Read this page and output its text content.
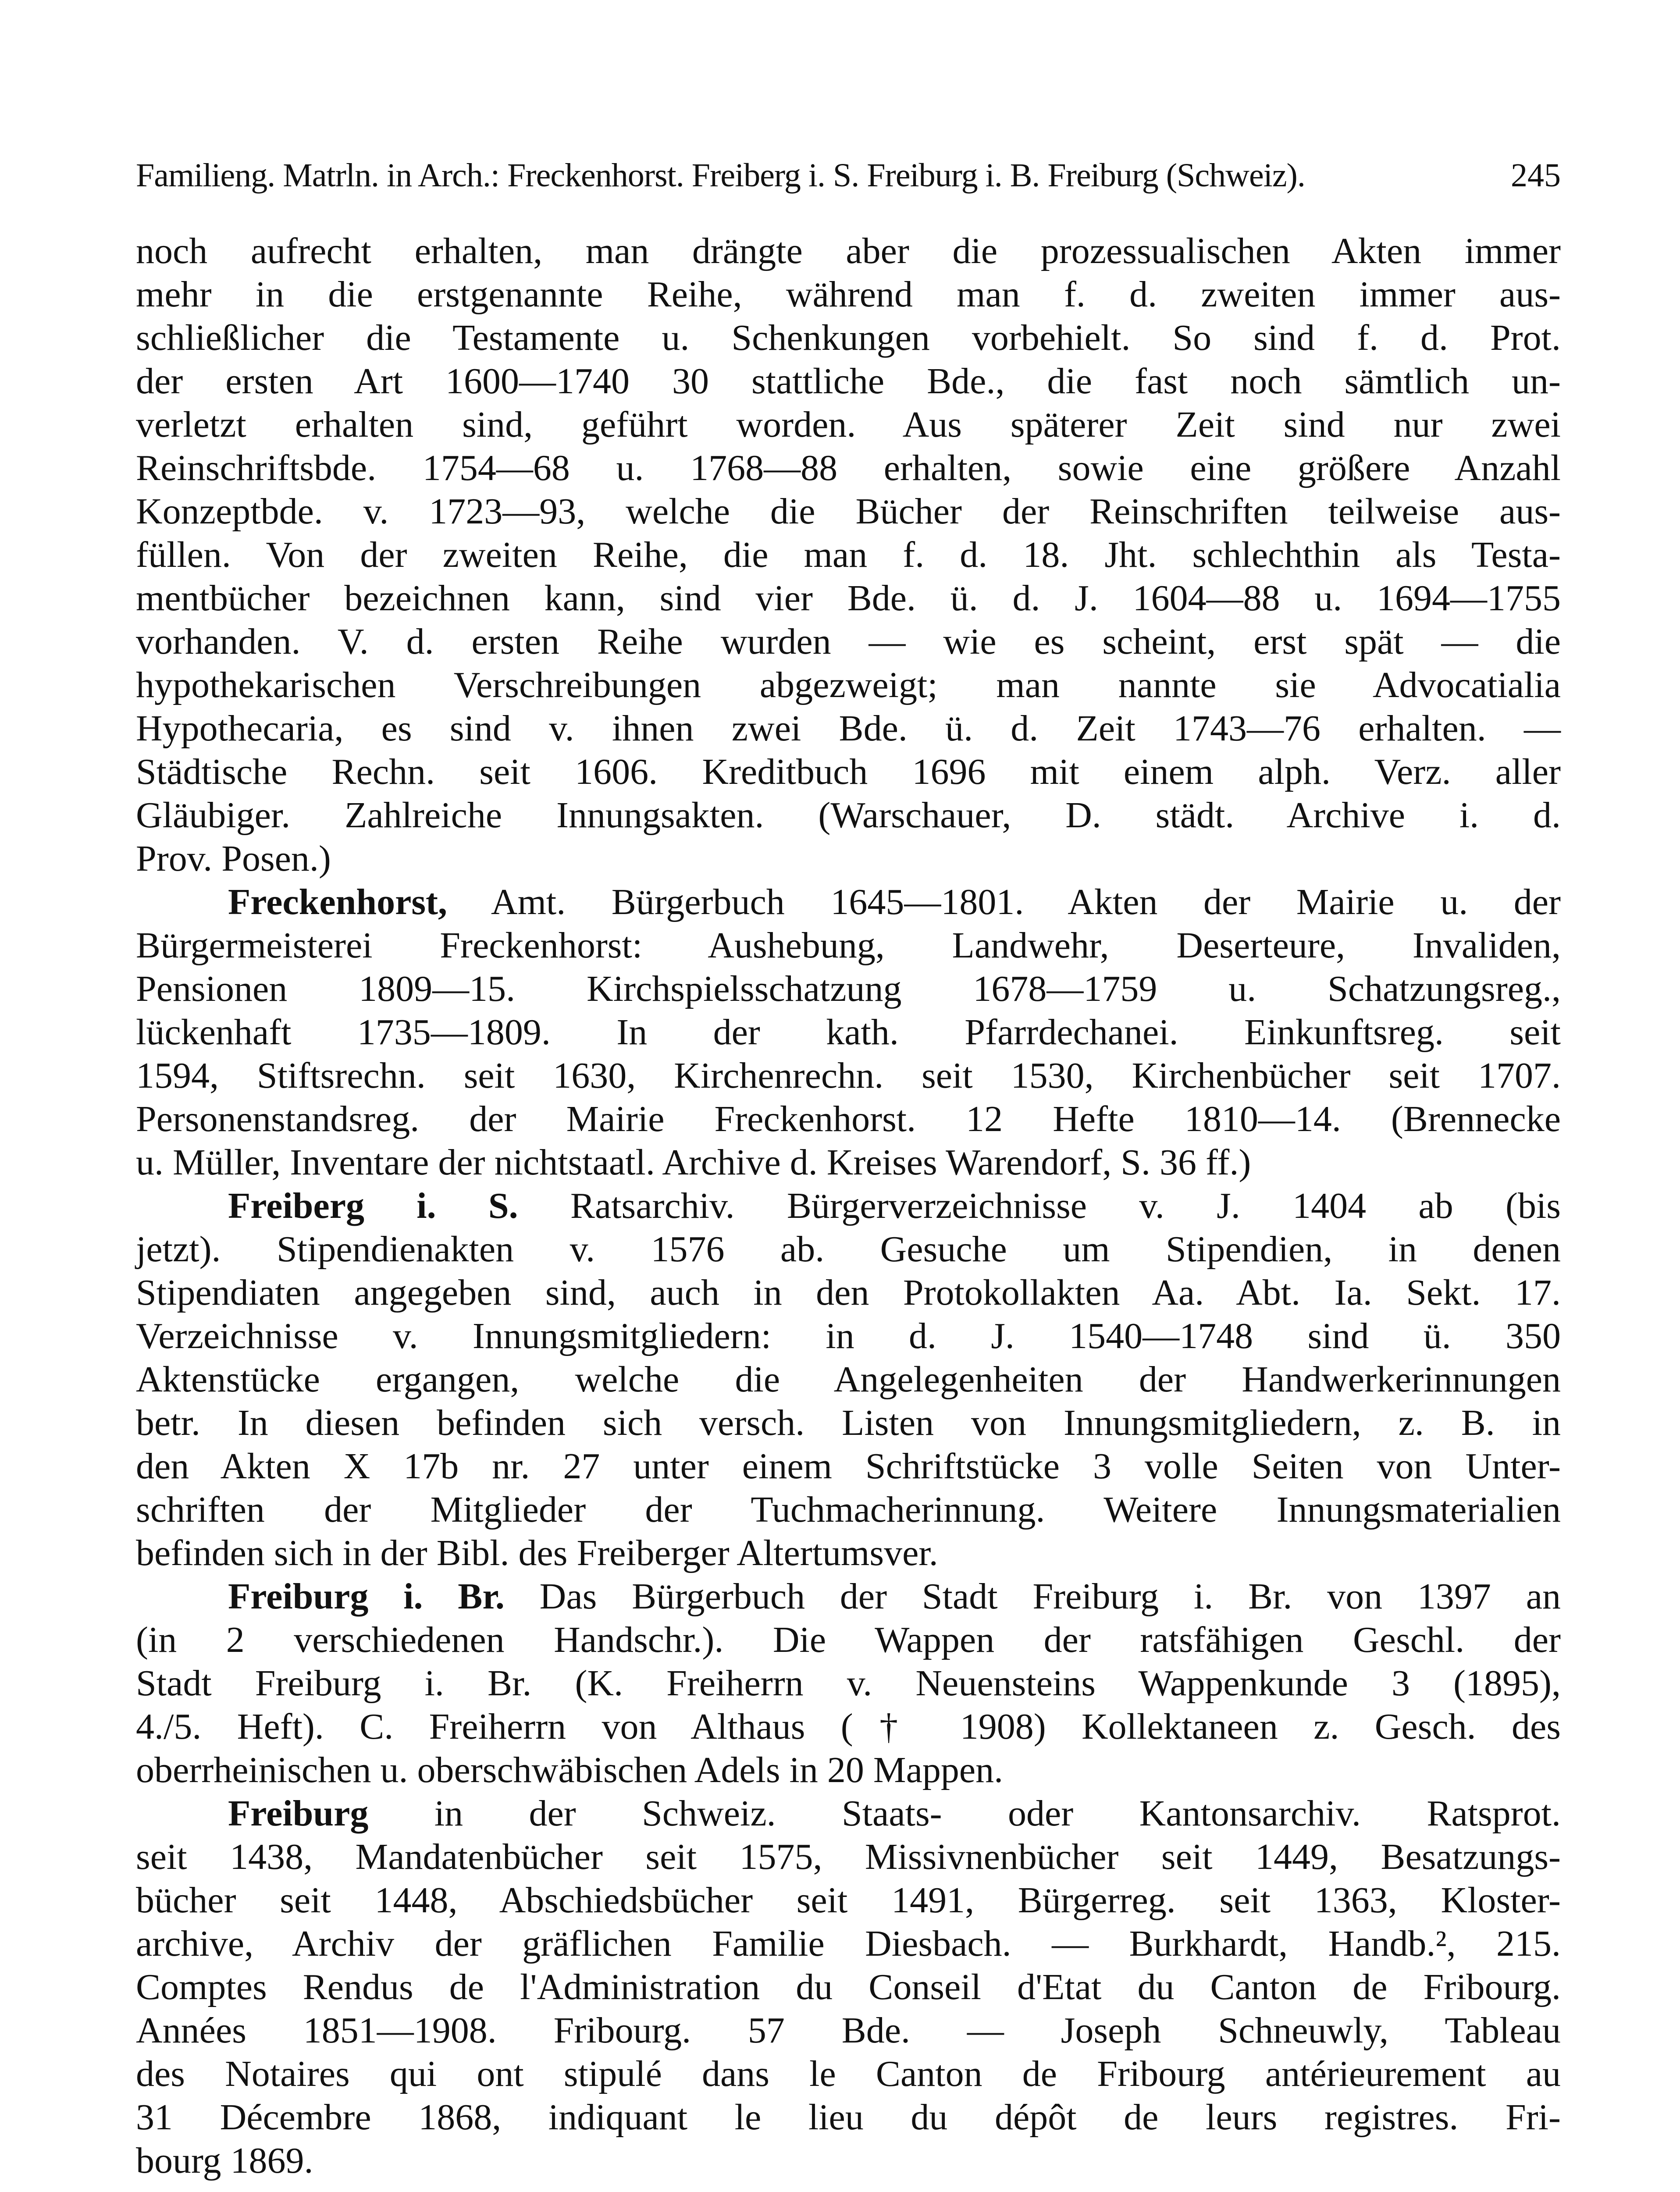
Familieng. Matrln. in Arch.: Freckenhorst. Freiberg i. S. Freiburg i. B. Freiburg (Schweiz).	245
noch aufrecht erhalten, man drängte aber die prozessualischen Akten immer
mehr in die erstgenannte Reihe, während man f. d. zweiten immer aus-
schließlicher die Testamente u. Schenkungen vorbehielt. So sind f. d. Prot.
der ersten Art 1600—1740 30 stattliche Bde., die fast noch sämtlich un-
verletzt erhalten sind, geführt worden. Aus späterer Zeit sind nur zwei
Reinschriftsbde. 1754—68 u. 1768—88 erhalten, sowie eine größere Anzahl
Konzeptbde. v. 1723—93, welche die Bücher der Reinschriften teilweise aus-
füllen. Von der zweiten Reihe, die man f. d. 18. Jht. schlechthin als Testa-
mentbücher bezeichnen kann, sind vier Bde. ü. d. J. 1604—88 u. 1694—1755
vorhanden. V. d. ersten Reihe wurden — wie es scheint, erst spät — die
hypothekarischen Verschreibungen abgezweigt; man nannte sie Advocatialia
Hypothecaria, es sind v. ihnen zwei Bde. ü. d. Zeit 1743—76 erhalten. —
Städtische Rechn. seit 1606. Kreditbuch 1696 mit einem alph. Verz. aller
Gläubiger. Zahlreiche Innungsakten. (Warschauer, D. städt. Archive i. d.
Prov. Posen.)
Freckenhorst, Amt. Bürgerbuch 1645—1801. Akten der Mairie u. der
Bürgermeisterei Freckenhorst: Aushebung, Landwehr, Deserteure, Invaliden,
Pensionen 1809—15. Kirchspielsschatzung 1678—1759 u. Schatzungsreg.,
lückenhaft 1735—1809. In der kath. Pfarrdechanei. Einkunftsreg. seit
1594, Stiftsrechn. seit 1630, Kirchenrechn. seit 1530, Kirchenbücher seit 1707.
Personenstandsreg. der Mairie Freckenhorst. 12 Hefte 1810—14. (Brennecke
u. Müller, Inventare der nichtstaatl. Archive d. Kreises Warendorf, S. 36 ff.)
Freiberg i. S. Ratsarchiv. Bürgerverzeichnisse v. J. 1404 ab (bis
jetzt). Stipendienakten v. 1576 ab. Gesuche um Stipendien, in denen
Stipendiaten angegeben sind, auch in den Protokollakten Aa. Abt. Ia. Sekt. 17.
Verzeichnisse v. Innungsmitgliedern: in d. J. 1540—1748 sind ü. 350
Aktenstücke ergangen, welche die Angelegenheiten der Handwerkerinnungen
betr. In diesen befinden sich versch. Listen von Innungsmitgliedern, z. B. in
den Akten X 17b nr. 27 unter einem Schriftstücke 3 volle Seiten von Unter-
schriften der Mitglieder der Tuchmacherinnung. Weitere Innungsmaterialien
befinden sich in der Bibl. des Freiberger Altertumsver.
Freiburg i. Br. Das Bürgerbuch der Stadt Freiburg i. Br. von 1397 an
(in 2 verschiedenen Handschr.). Die Wappen der ratsfähigen Geschl. der
Stadt Freiburg i. Br. (K. Freiherrn v. Neuensteins Wappenkunde 3 (1895),
4./5. Heft). C. Freiherrn von Althaus († 1908) Kollektaneen z. Gesch. des
oberrheinischen u. oberschwäbischen Adels in 20 Mappen.
Freiburg in der Schweiz. Staats- oder Kantonsarchiv. Ratsprot.
seit 1438, Mandatenbücher seit 1575, Missivnenbücher seit 1449, Besatzungs-
bücher seit 1448, Abschiedsbücher seit 1491, Bürgerreg. seit 1363, Kloster-
archive, Archiv der gräflichen Familie Diesbach. — Burkhardt, Handb.², 215.
Comptes Rendus de l'Administration du Conseil d'Etat du Canton de Fribourg.
Années 1851—1908. Fribourg. 57 Bde. — Joseph Schneuwly, Tableau
des Notaires qui ont stipulé dans le Canton de Fribourg antérieurement au
31 Décembre 1868, indiquant le lieu du dépôt de leurs registres. Fri-
bourg 1869.
